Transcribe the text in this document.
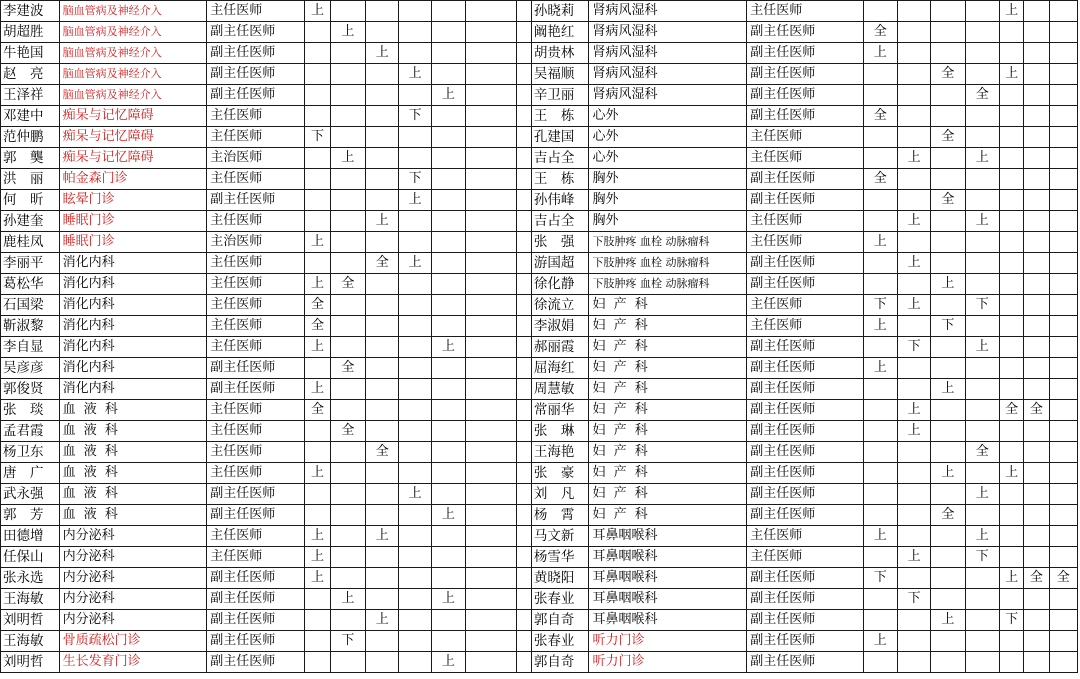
李建波	脑血管病及神经介入	主任医师	上							孙晓莉	肾病风湿科	主任医师					上		
胡超胜	脑血管病及神经介入	副主任医师		上						阚艳红	肾病风湿科	副主任医师	全						
牛艳国	脑血管病及神经介入	副主任医师			上					胡贵林	肾病风湿科	副主任医师	上						
赵　亮	脑血管病及神经介入	副主任医师				上				吴福顺	肾病风湿科	副主任医师			全		上		
王泽祥	脑血管病及神经介入	副主任医师					上			辛卫丽	肾病风湿科	副主任医师				全			
邓建中	痴呆与记忆障碍	主任医师				下				王　栋	心外	副主任医师	全						
范仲鹏	痴呆与记忆障碍	主任医师	下							孔建国	心外	主任医师			全				
郭　龑	痴呆与记忆障碍	主治医师		上						吉占全	心外	主任医师		上		上			
洪　丽	帕金森门诊	主任医师				下				王　栋	胸外	副主任医师	全						
何　昕	眩晕门诊	副主任医师				上				孙伟峰	胸外	副主任医师			全				
孙建奎	睡眠门诊	主任医师			上					吉占全	胸外	主任医师		上		上			
鹿桂凤	睡眠门诊	主治医师	上							张　强	下肢肿疼 血栓 动脉瘤科	主任医师	上						
李丽平	消化内科	主任医师			全	上				游国超	下肢肿疼 血栓 动脉瘤科	副主任医师		上					
葛松华	消化内科	主任医师	上	全						徐化静	下肢肿疼 血栓 动脉瘤科	副主任医师			上				
石国梁	消化内科	主任医师	全							徐流立	妇 产 科	主任医师	下	上		下			
靳淑黎	消化内科	主任医师	全							李淑娟	妇 产 科	主任医师	上		下				
李自显	消化内科	主任医师	上				上			郝丽霞	妇 产 科	副主任医师		下		上			
吴彦彦	消化内科	副主任医师		全						屈海红	妇 产 科	副主任医师	上						
郭俊贤	消化内科	副主任医师	上							周慧敏	妇 产 科	副主任医师			上				
张　琰	血 液 科	主任医师	全							常丽华	妇 产 科	副主任医师		上			全	全	
孟君霞	血 液 科	主任医师		全						张　琳	妇 产 科	副主任医师		上					
杨卫东	血 液 科	主任医师			全					王海艳	妇 产 科	副主任医师				全			
唐　广	血 液 科	主任医师	上							张　豪	妇 产 科	副主任医师			上		上		
武永强	血 液 科	副主任医师				上				刘　凡	妇 产 科	副主任医师				上			
郭　芳	血 液 科	副主任医师					上			杨　霄	妇 产 科	副主任医师			全				
田德增	内分泌科	主任医师	上		上					马文新	耳鼻咽喉科	主任医师	上			上			
任保山	内分泌科	主任医师	上							杨雪华	耳鼻咽喉科	主任医师		上		下			
张永选	内分泌科	副主任医师	上							黄晓阳	耳鼻咽喉科	副主任医师	下				上	全	全
王海敏	内分泌科	副主任医师		上			上			张春业	耳鼻咽喉科	副主任医师		下					
刘明哲	内分泌科	副主任医师			上					郭自奇	耳鼻咽喉科	副主任医师			上		下		
王海敏	骨质疏松门诊	副主任医师		下						张春业	听力门诊	副主任医师	上						
刘明哲	生长发育门诊	副主任医师					上			郭自奇	听力门诊	副主任医师							
